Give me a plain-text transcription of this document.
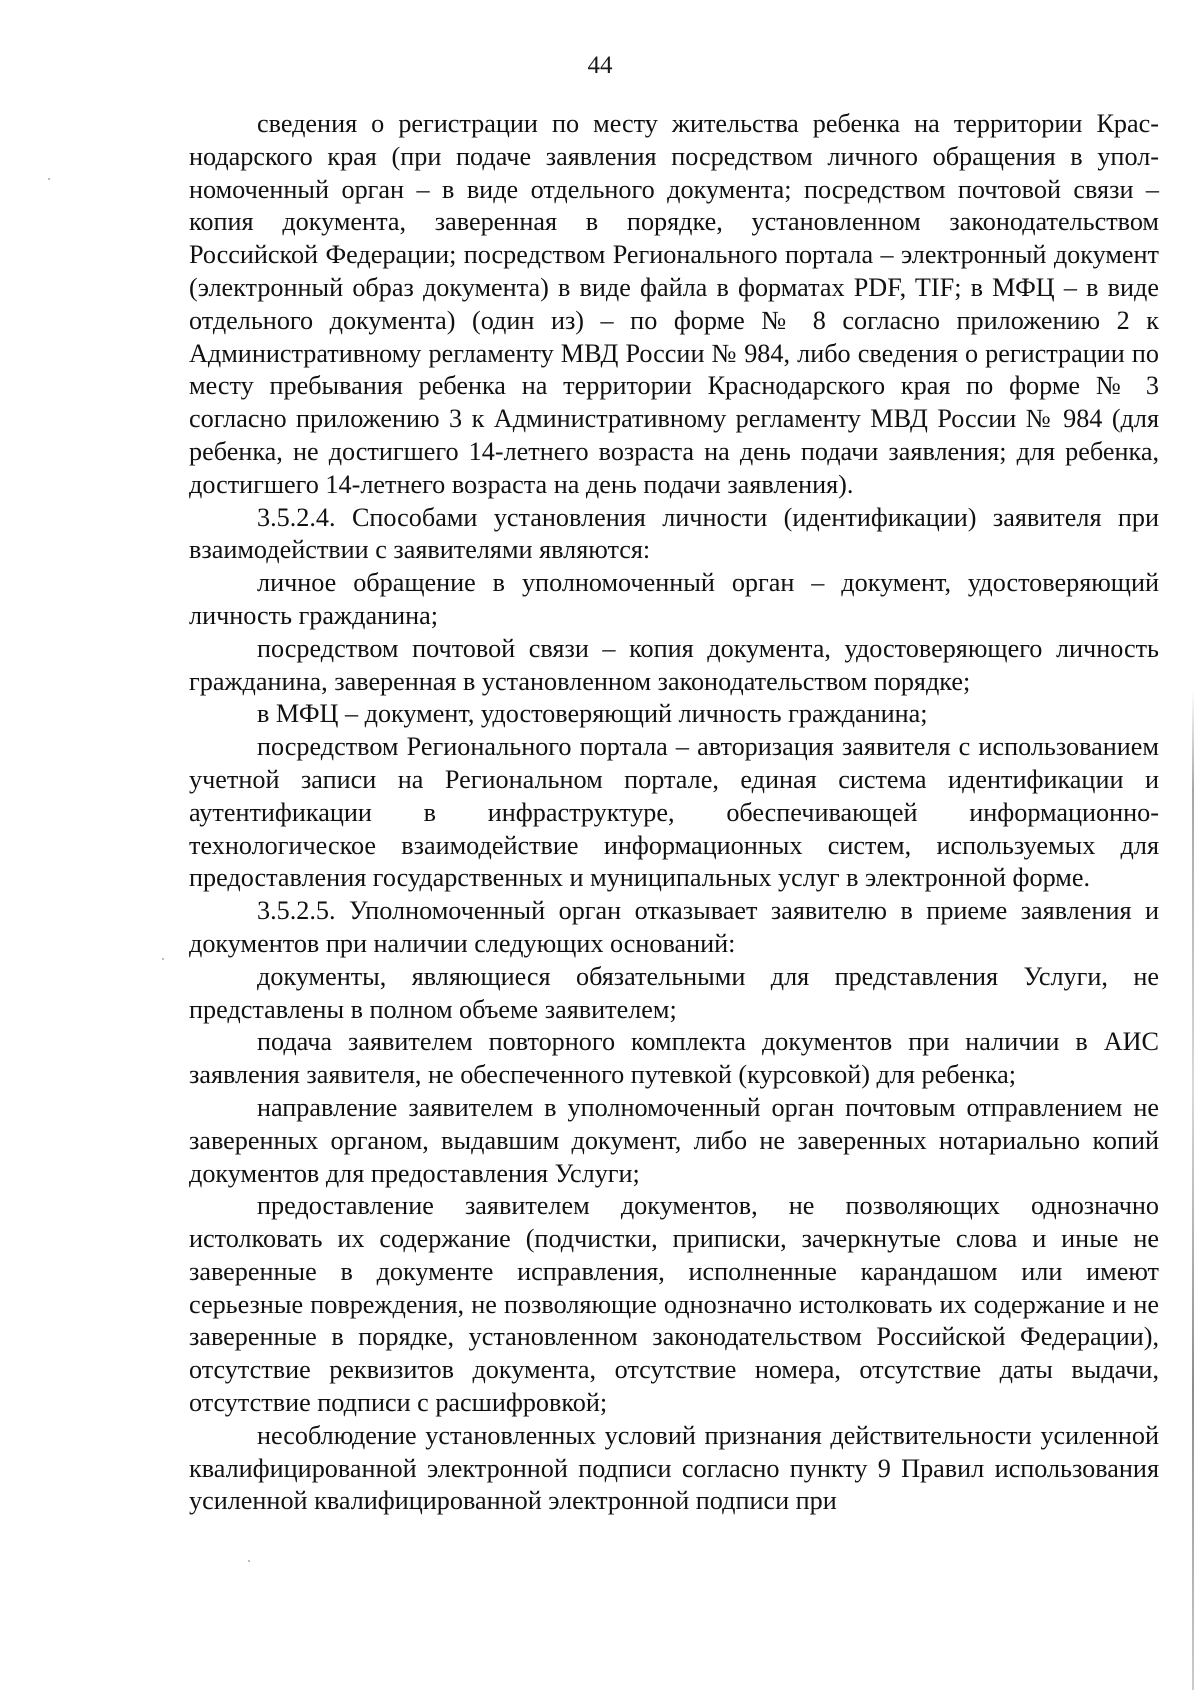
44

сведения о регистрации по месту жительства ребенка на территории Краснодарского края (при подаче заявления посредством личного обращения в уполномоченный орган – в виде отдельного документа; посредством почтовой связи – копия документа, заверенная в порядке, установленном законодательством Российской Федерации; посредством Регионального портала – электронный документ (электронный образ документа) в виде файла в форматах PDF, TIF; в МФЦ – в виде отдельного документа) (один из) – по форме № 8 согласно приложению 2 к Административному регламенту МВД России № 984, либо сведения о регистрации по месту пребывания ребенка на территории Краснодарского края по форме № 3 согласно приложению 3 к Административному регламенту МВД России № 984 (для ребенка, не достигшего 14-летнего возраста на день подачи заявления; для ребенка, достигшего 14-летнего возраста на день подачи заявления).

3.5.2.4. Способами установления личности (идентификации) заявителя при взаимодействии с заявителями являются:

личное обращение в уполномоченный орган – документ, удостоверяющий личность гражданина;

посредством почтовой связи – копия документа, удостоверяющего личность гражданина, заверенная в установленном законодательством порядке;

в МФЦ – документ, удостоверяющий личность гражданина;

посредством Регионального портала – авторизация заявителя с использованием учетной записи на Региональном портале, единая система идентификации и аутентификации в инфраструктуре, обеспечивающей информационно-технологическое взаимодействие информационных систем, используемых для предоставления государственных и муниципальных услуг в электронной форме.

3.5.2.5. Уполномоченный орган отказывает заявителю в приеме заявления и документов при наличии следующих оснований:

документы, являющиеся обязательными для представления Услуги, не представлены в полном объеме заявителем;

подача заявителем повторного комплекта документов при наличии в АИС заявления заявителя, не обеспеченного путевкой (курсовкой) для ребенка;

направление заявителем в уполномоченный орган почтовым отправлением не заверенных органом, выдавшим документ, либо не заверенных нотариально копий документов для предоставления Услуги;

предоставление заявителем документов, не позволяющих однозначно истолковать их содержание (подчистки, приписки, зачеркнутые слова и иные не заверенные в документе исправления, исполненные карандашом или имеют серьезные повреждения, не позволяющие однозначно истолковать их содержание и не заверенные в порядке, установленном законодательством Российской Федерации), отсутствие реквизитов документа, отсутствие номера, отсутствие даты выдачи, отсутствие подписи с расшифровкой;

несоблюдение установленных условий признания действительности усиленной квалифицированной электронной подписи согласно пункту 9 Правил использования усиленной квалифицированной электронной подписи при
